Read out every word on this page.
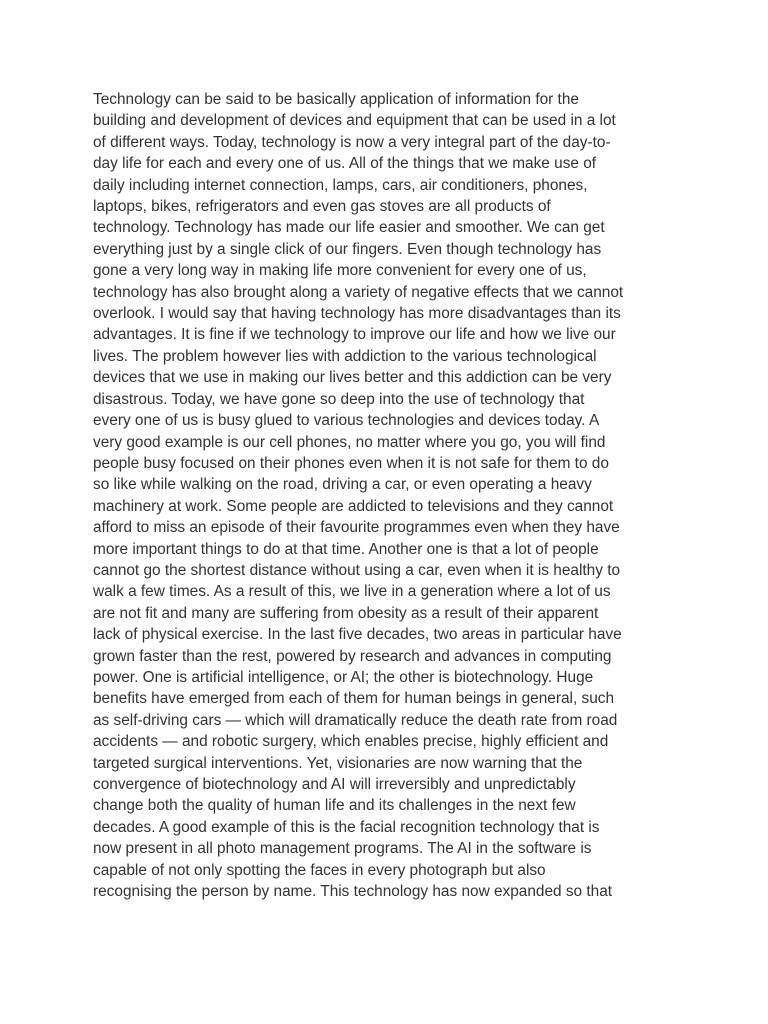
Technology can be said to be basically application of information for the
building and development of devices and equipment that can be used in a lot
of different ways. Today, technology is now a very integral part of the day-to-
day life for each and every one of us. All of the things that we make use of
daily including internet connection, lamps, cars, air conditioners, phones,
laptops, bikes, refrigerators and even gas stoves are all products of
technology. Technology has made our life easier and smoother. We can get
everything just by a single click of our fingers. Even though technology has
gone a very long way in making life more convenient for every one of us,
technology has also brought along a variety of negative effects that we cannot
overlook. I would say that having technology has more disadvantages than its
advantages. It is fine if we technology to improve our life and how we live our
lives. The problem however lies with addiction to the various technological
devices that we use in making our lives better and this addiction can be very
disastrous. Today, we have gone so deep into the use of technology that
every one of us is busy glued to various technologies and devices today. A
very good example is our cell phones, no matter where you go, you will find
people busy focused on their phones even when it is not safe for them to do
so like while walking on the road, driving a car, or even operating a heavy
machinery at work. Some people are addicted to televisions and they cannot
afford to miss an episode of their favourite programmes even when they have
more important things to do at that time. Another one is that a lot of people
cannot go the shortest distance without using a car, even when it is healthy to
walk a few times. As a result of this, we live in a generation where a lot of us
are not fit and many are suffering from obesity as a result of their apparent
lack of physical exercise. In the last five decades, two areas in particular have
grown faster than the rest, powered by research and advances in computing
power. One is artificial intelligence, or AI; the other is biotechnology. Huge
benefits have emerged from each of them for human beings in general, such
as self-driving cars — which will dramatically reduce the death rate from road
accidents — and robotic surgery, which enables precise, highly efficient and
targeted surgical interventions. Yet, visionaries are now warning that the
convergence of biotechnology and AI will irreversibly and unpredictably
change both the quality of human life and its challenges in the next few
decades. A good example of this is the facial recognition technology that is
now present in all photo management programs. The AI in the software is
capable of not only spotting the faces in every photograph but also
recognising the person by name. This technology has now expanded so that
